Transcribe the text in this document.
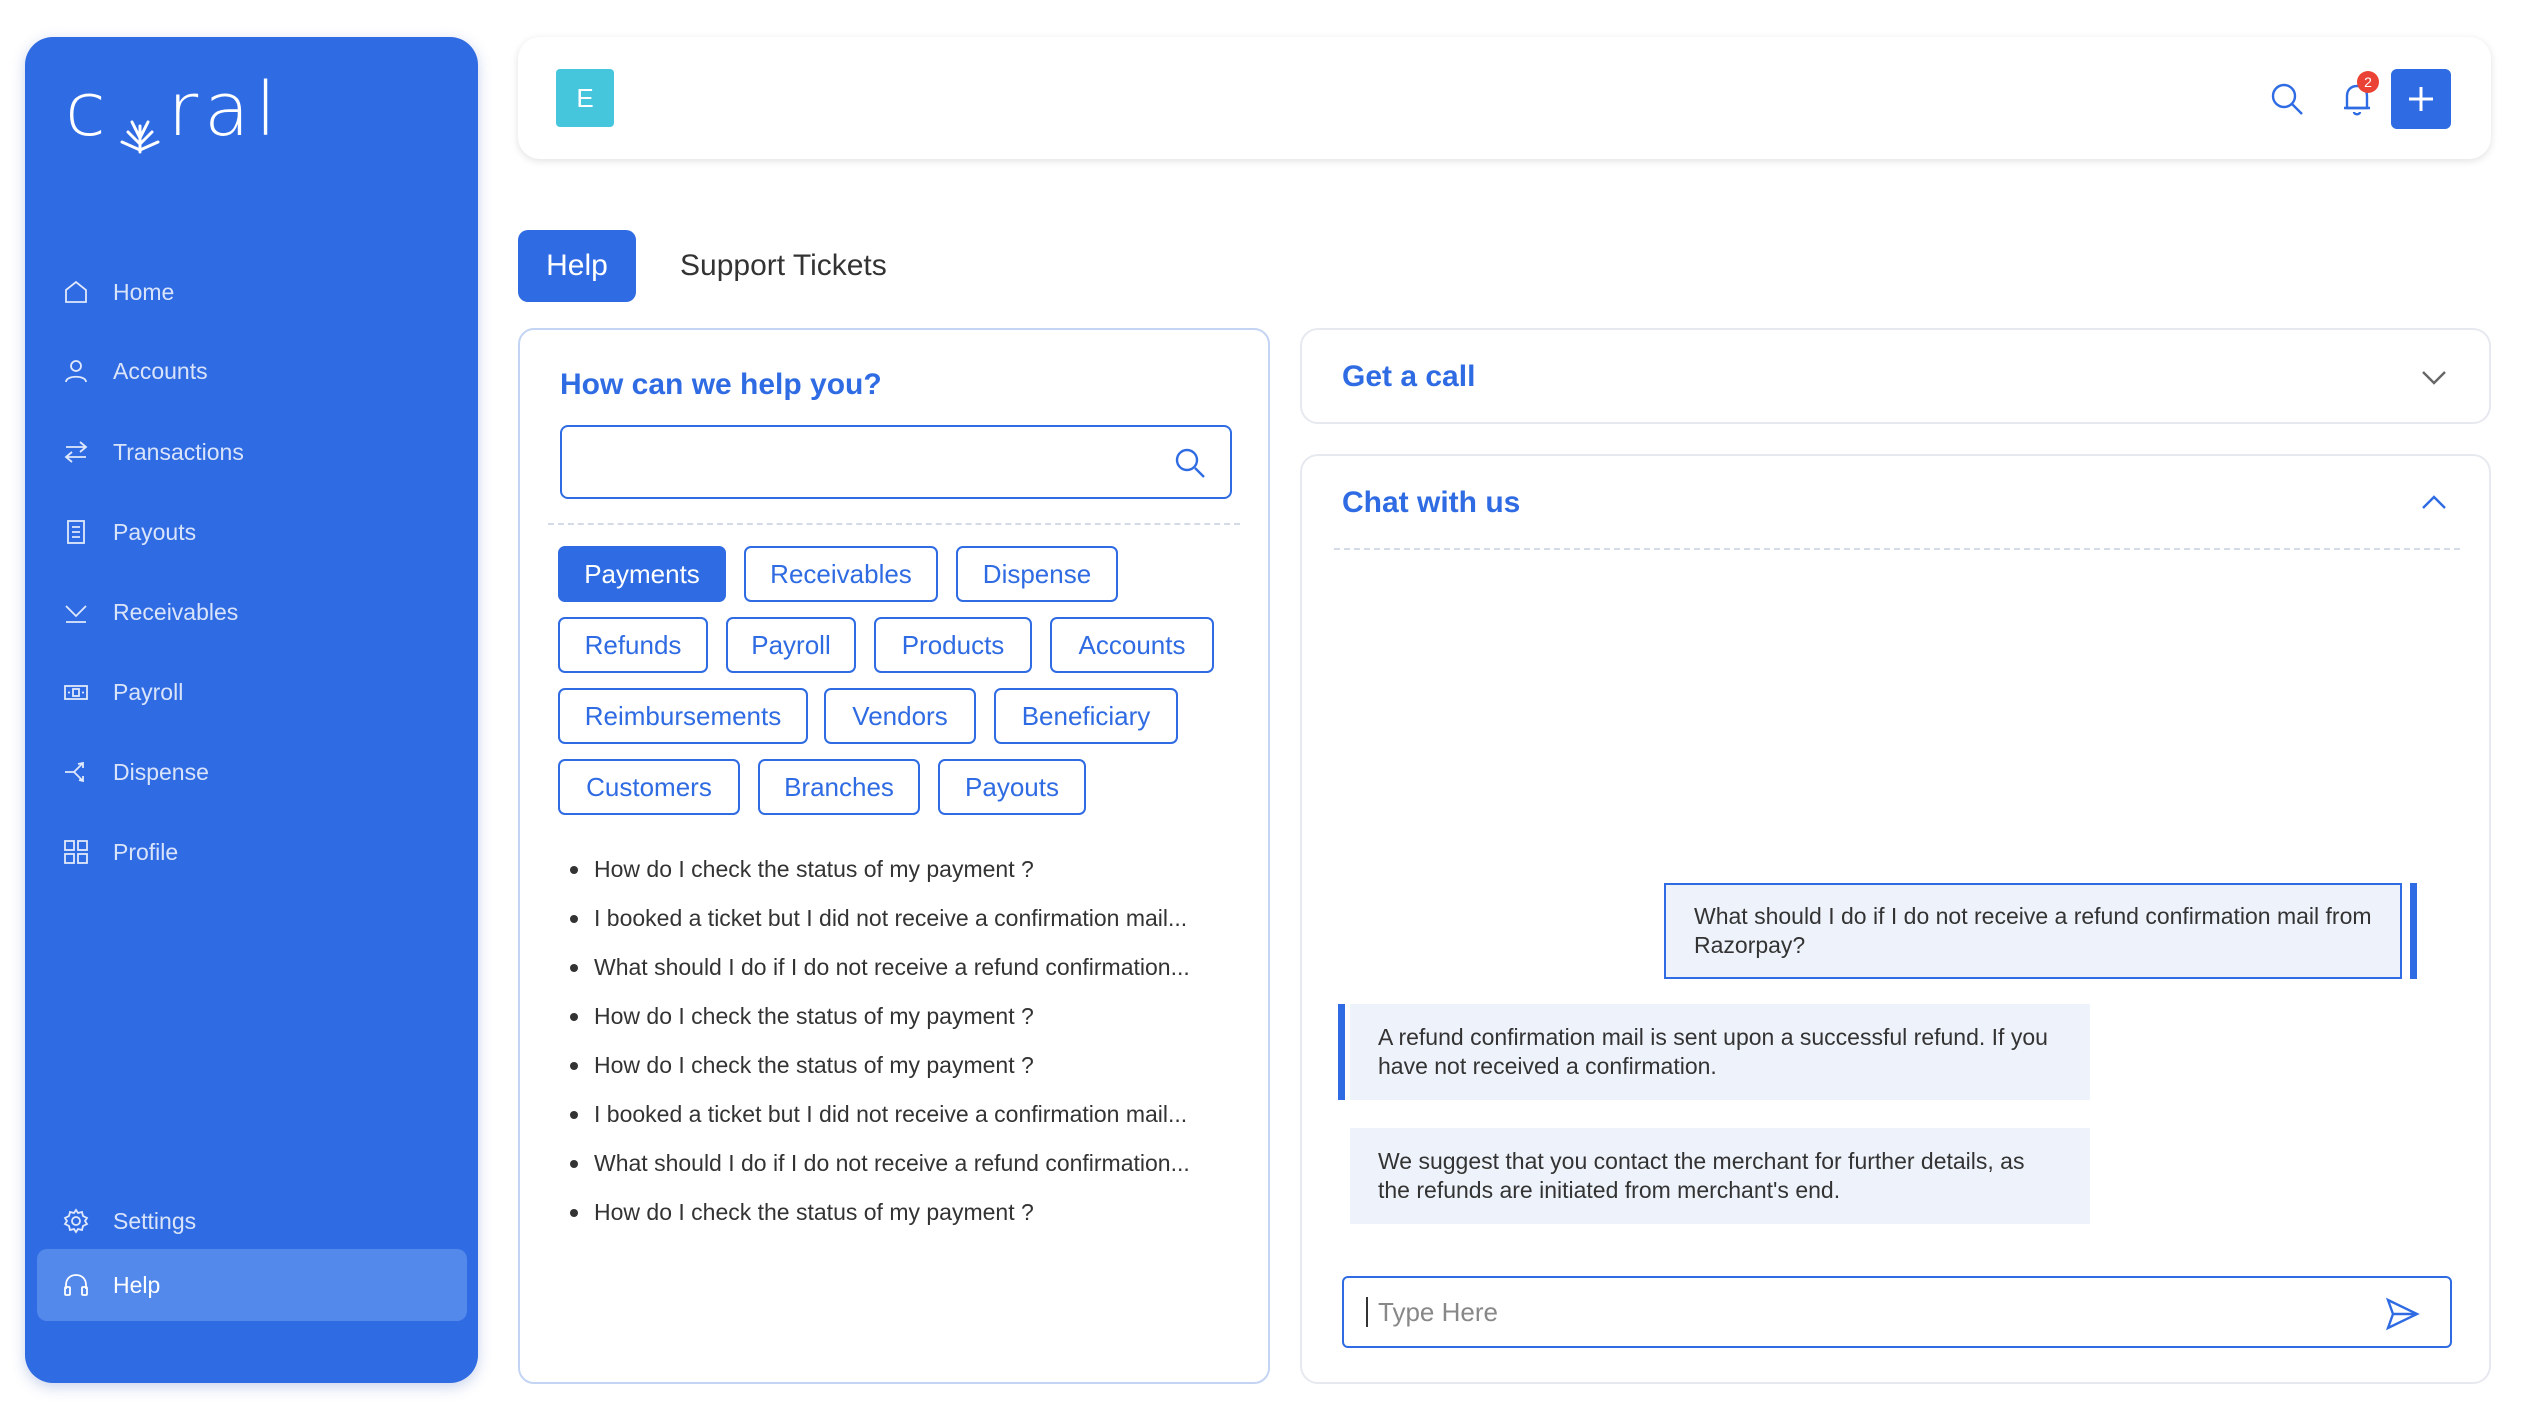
c ral
Home
Accounts
Transactions
Payouts
Receivables
Payroll
Dispense
Profile
Settings
Help
E
2
Help	Support Tickets
How can we help you?
Payments	Receivables	Dispense
Refunds	Payroll	Products	Accounts
Reimbursements	Vendors	Beneficiary
Customers	Branches	Payouts
How do I check the status of my payment ?
I booked a ticket but I did not receive a confirmation mail...
What should I do if I do not receive a refund confirmation...
How do I check the status of my payment ?
How do I check the status of my payment ?
I booked a ticket but I did not receive a confirmation mail...
What should I do if I do not receive a refund confirmation...
How do I check the status of my payment ?
Get a call
Chat with us
What should I do if I do not receive a refund confirmation mail from Razorpay?
A refund confirmation mail is sent upon a successful refund. If you have not received a confirmation.
We suggest that you contact the merchant for further details, as the refunds are initiated from merchant's end.
Type Here
